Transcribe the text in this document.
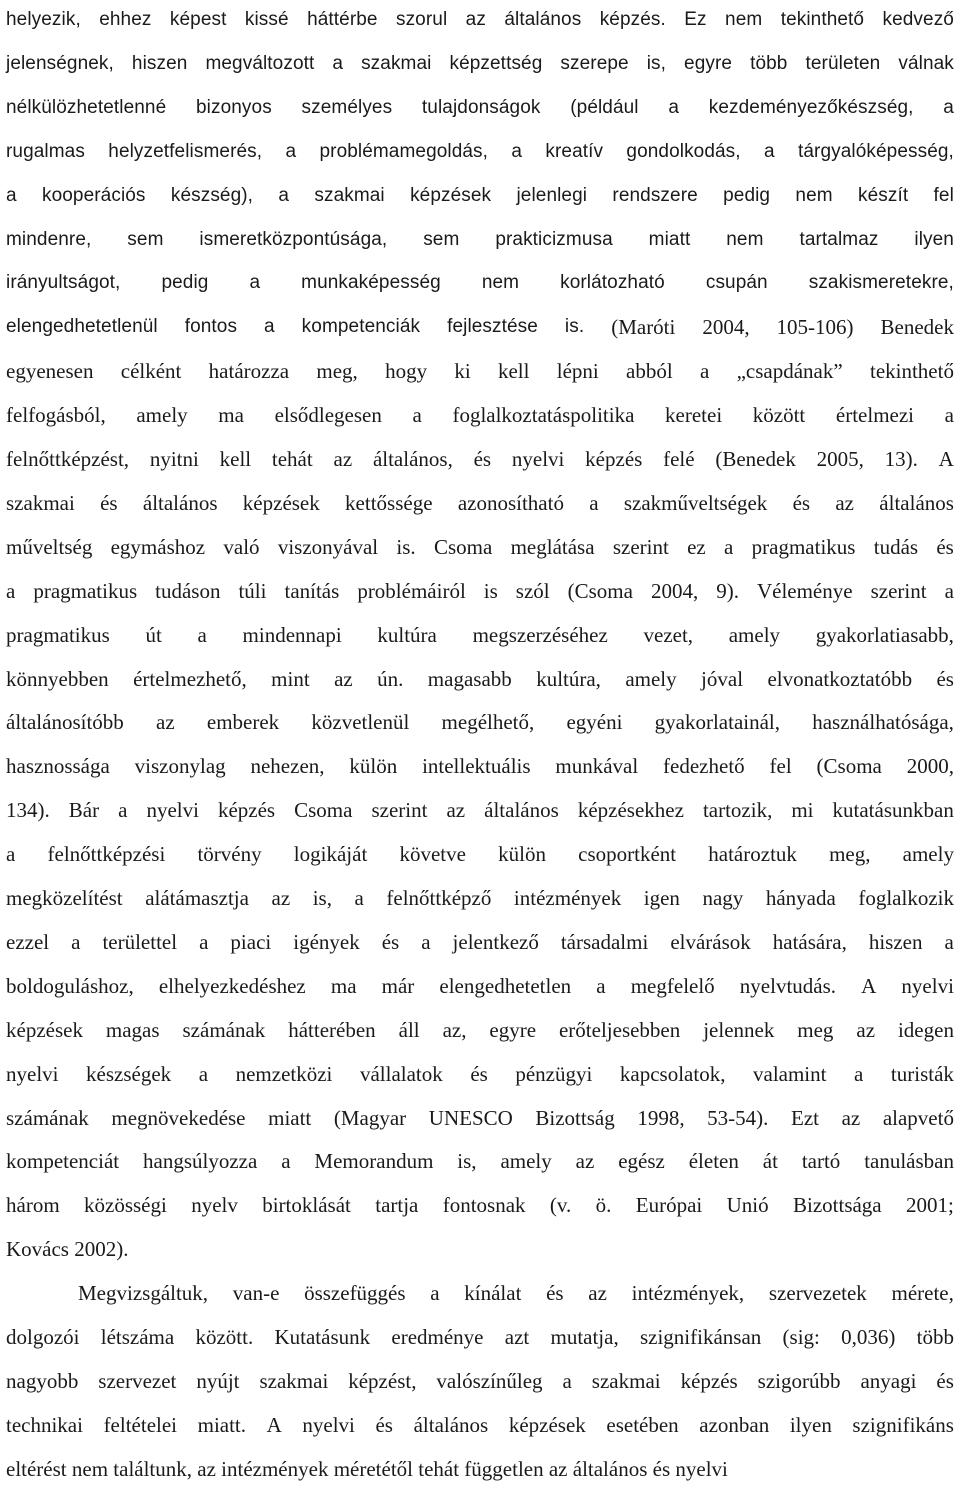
helyezik, ehhez képest kissé háttérbe szorul az általános képzés. Ez nem tekinthető kedvező
jelenségnek, hiszen megváltozott a szakmai képzettség szerepe is, egyre több területen válnak
nélkülözhetetlenné bizonyos személyes tulajdonságok (például a kezdeményezőkészség, a
rugalmas helyzetfelismerés, a problémamegoldás, a kreatív gondolkodás, a tárgyalóképesség,
a kooperációs készség), a szakmai képzések jelenlegi rendszere pedig nem készít fel
mindenre, sem ismeretközpontúsága, sem prakticizmusa miatt nem tartalmaz ilyen
irányultságot, pedig a munkaképesség nem korlátozható csupán szakismeretekre,
elengedhetetlenül fontos a kompetenciák fejlesztése is. (Maróti 2004, 105-106) Benedek
egyenesen célként határozza meg, hogy ki kell lépni abból a „csapdának” tekinthető
felfogásból, amely ma elsődlegesen a foglalkoztatáspolitika keretei között értelmezi a
felnőttképzést, nyitni kell tehát az általános, és nyelvi képzés felé (Benedek 2005, 13). A
szakmai és általános képzések kettőssége azonosítható a szakműveltségek és az általános
műveltség egymáshoz való viszonyával is. Csoma meglátása szerint ez a pragmatikus tudás és
a pragmatikus tudáson túli tanítás problémáiról is szól (Csoma 2004, 9). Véleménye szerint a
pragmatikus út a mindennapi kultúra megszerzéséhez vezet, amely gyakorlatiasabb,
könnyebben értelmezhető, mint az ún. magasabb kultúra, amely jóval elvonatkoztatóbb és
általánosítóbb az emberek közvetlenül megélhető, egyéni gyakorlatainál, használhatósága,
hasznossága viszonylag nehezen, külön intellektuális munkával fedezhető fel (Csoma 2000,
134). Bár a nyelvi képzés Csoma szerint az általános képzésekhez tartozik, mi kutatásunkban
a felnőttképzési törvény logikáját követve külön csoportként határoztuk meg, amely
megközelítést alátámasztja az is, a felnőttképző intézmények igen nagy hányada foglalkozik
ezzel a területtel a piaci igények és a jelentkező társadalmi elvárások hatására, hiszen a
boldoguláshoz, elhelyezkedéshez ma már elengedhetetlen a megfelelő nyelvtudás. A nyelvi
képzések magas számának hátterében áll az, egyre erőteljesebben jelennek meg az idegen
nyelvi készségek a nemzetközi vállalatok és pénzügyi kapcsolatok, valamint a turisták
számának megnövekedése miatt (Magyar UNESCO Bizottság 1998, 53-54). Ezt az alapvető
kompetenciát hangsúlyozza a Memorandum is, amely az egész életen át tartó tanulásban
három közösségi nyelv birtoklását tartja fontosnak (v. ö. Európai Unió Bizottsága 2001;
Kovács 2002).
Megvizsgáltuk, van-e összefüggés a kínálat és az intézmények, szervezetek mérete,
dolgozói létszáma között. Kutatásunk eredménye azt mutatja, szignifikánsan (sig: 0,036) több
nagyobb szervezet nyújt szakmai képzést, valószínűleg a szakmai képzés szigorúbb anyagi és
technikai feltételei miatt. A nyelvi és általános képzések esetében azonban ilyen szignifikáns
eltérést nem találtunk, az intézmények méretétől tehát független az általános és nyelvi
